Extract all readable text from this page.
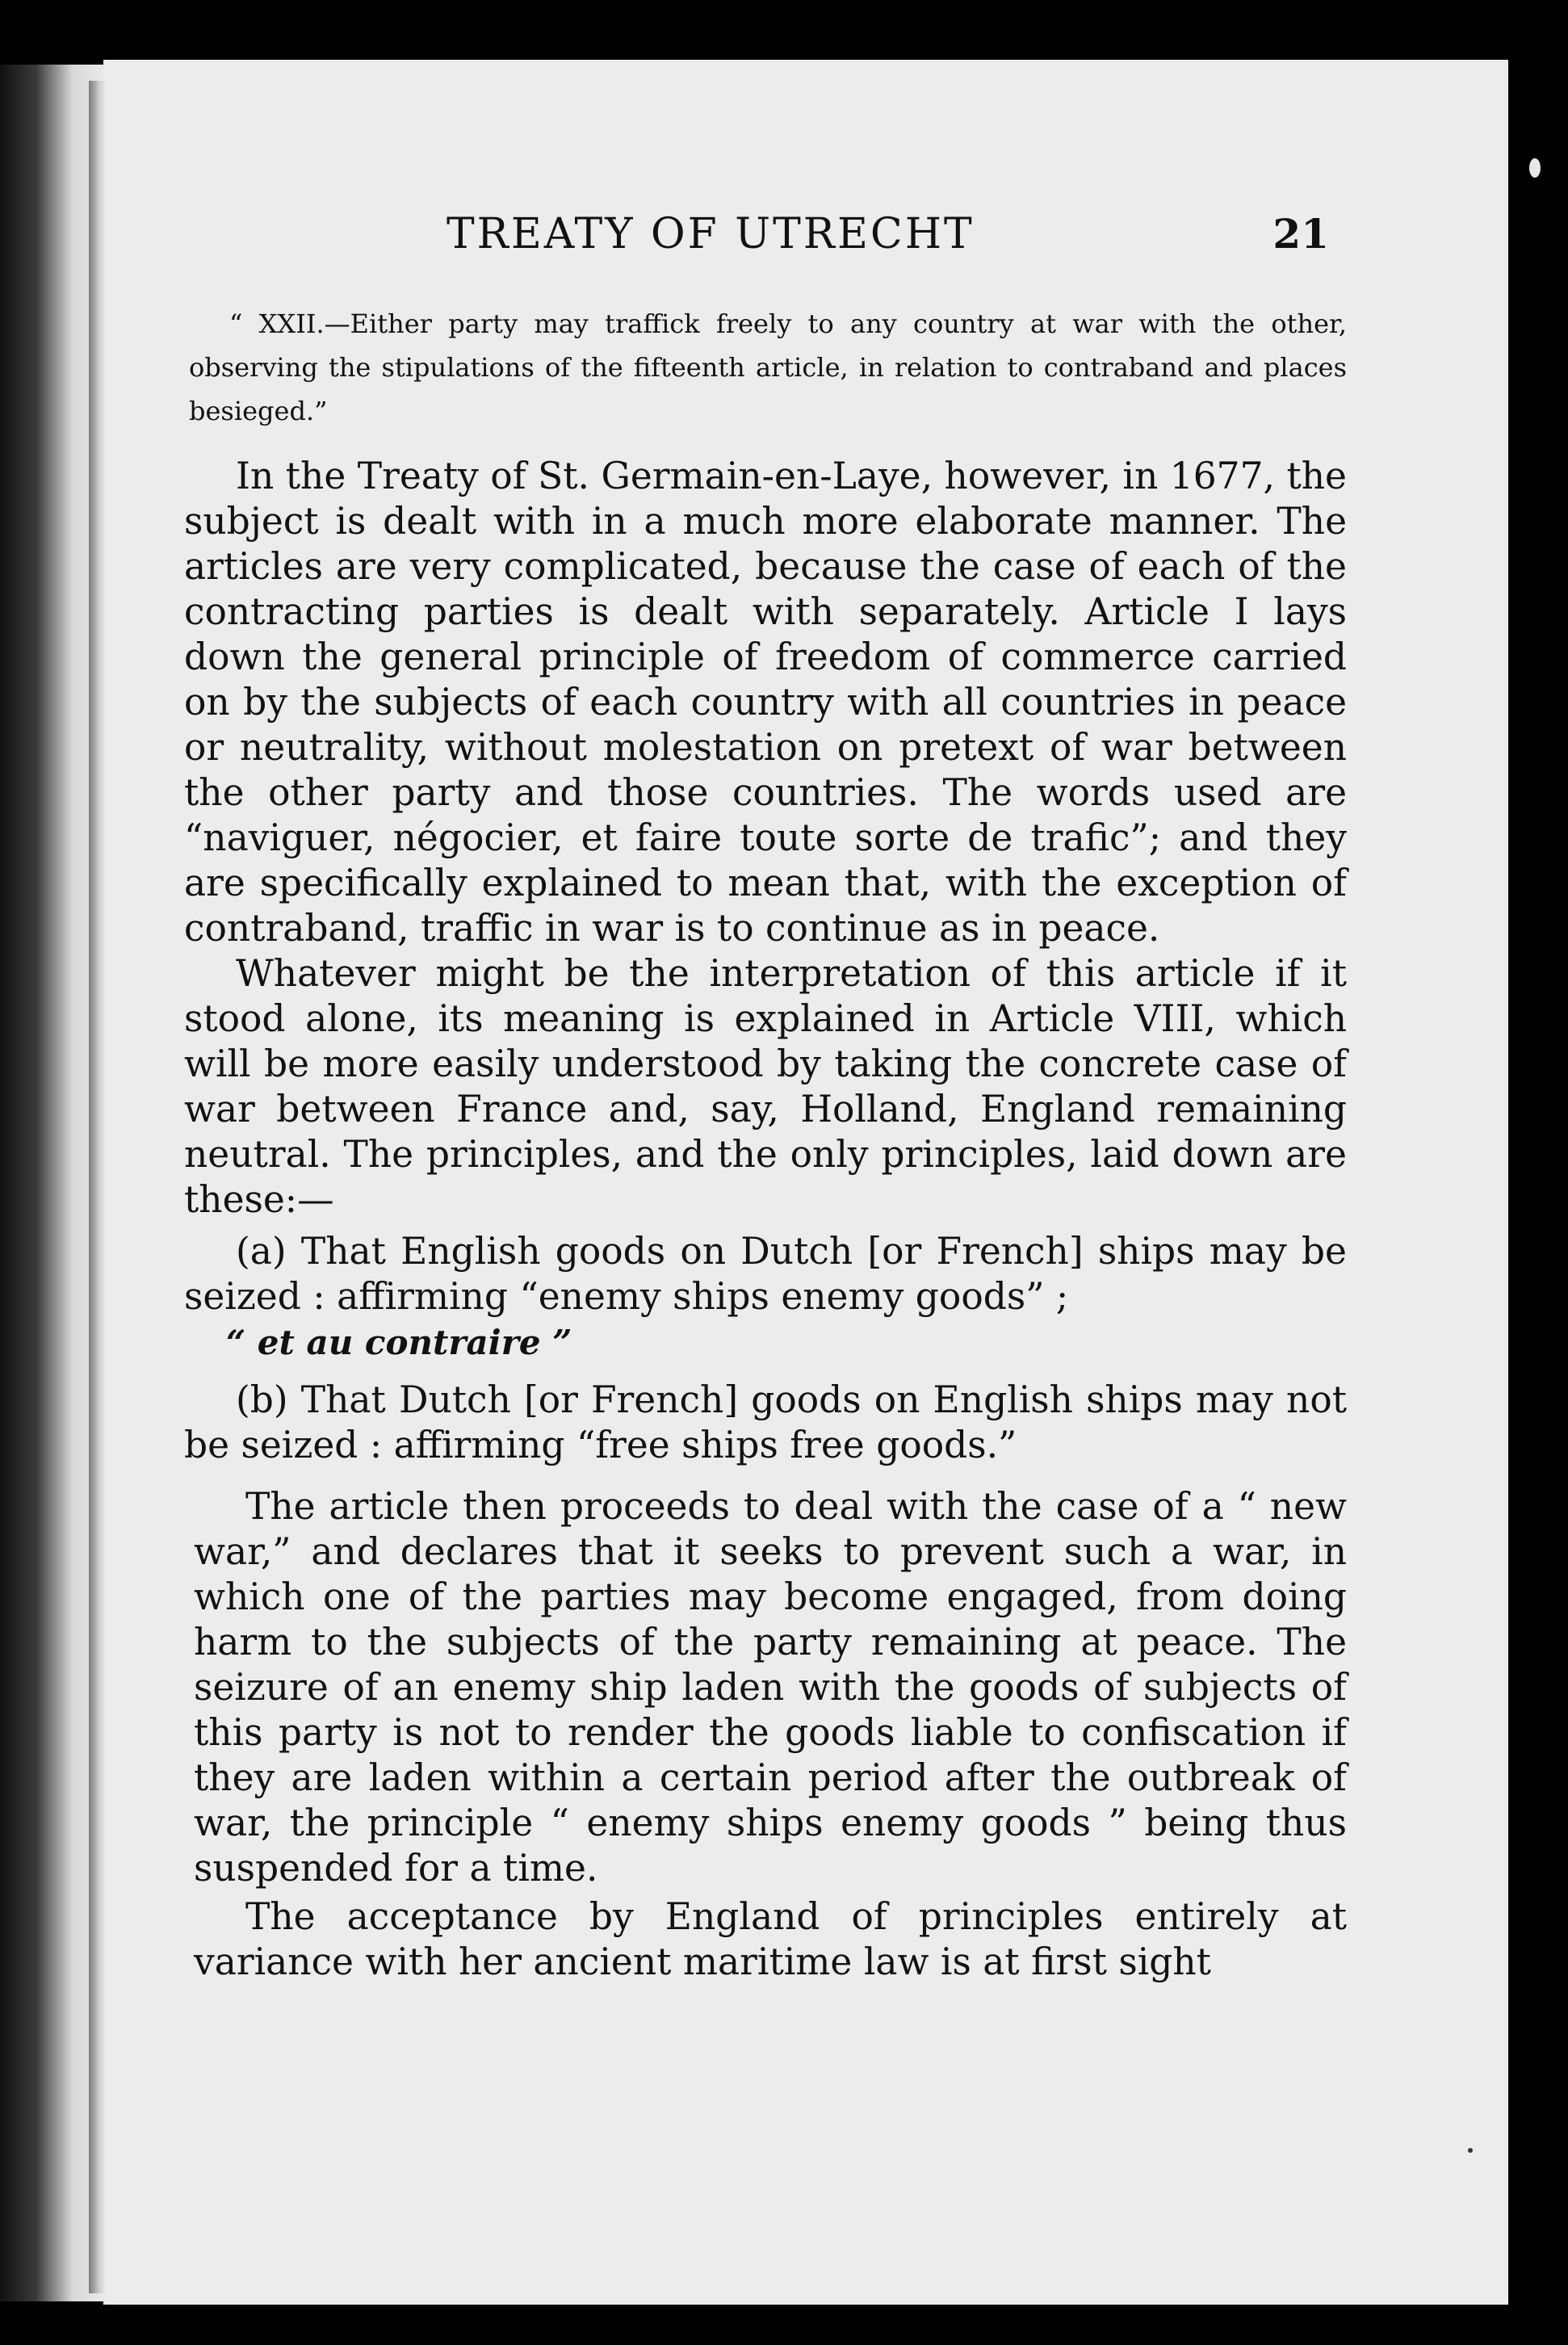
TREATY OF UTRECHT	21

“ XXII.—Either party may traffick freely to any country at war with the other, observing the stipulations of the fifteenth article, in relation to contraband and places besieged.”

In the Treaty of St. Germain-en-Laye, however, in 1677, the subject is dealt with in a much more elaborate manner. The articles are very complicated, because the case of each of the contracting parties is dealt with separately. Article I lays down the general principle of freedom of commerce carried on by the subjects of each country with all countries in peace or neutrality, without molestation on pretext of war between the other party and those countries. The words used are “naviguer, négocier, et faire toute sorte de trafic”; and they are specifically explained to mean that, with the exception of contraband, traffic in war is to continue as in peace.

Whatever might be the interpretation of this article if it stood alone, its meaning is explained in Article VIII, which will be more easily understood by taking the concrete case of war between France and, say, Holland, England remaining neutral. The principles, and the only principles, laid down are these:—

(a) That English goods on Dutch [or French] ships may be seized : affirming “enemy ships enemy goods” ;

“ et au contraire ”

(b) That Dutch [or French] goods on English ships may not be seized : affirming “free ships free goods.”

The article then proceeds to deal with the case of a “ new war,” and declares that it seeks to prevent such a war, in which one of the parties may become engaged, from doing harm to the subjects of the party remaining at peace. The seizure of an enemy ship laden with the goods of subjects of this party is not to render the goods liable to confiscation if they are laden within a certain period after the outbreak of war, the principle “ enemy ships enemy goods ” being thus suspended for a time.

The acceptance by England of principles entirely at variance with her ancient maritime law is at first sight
